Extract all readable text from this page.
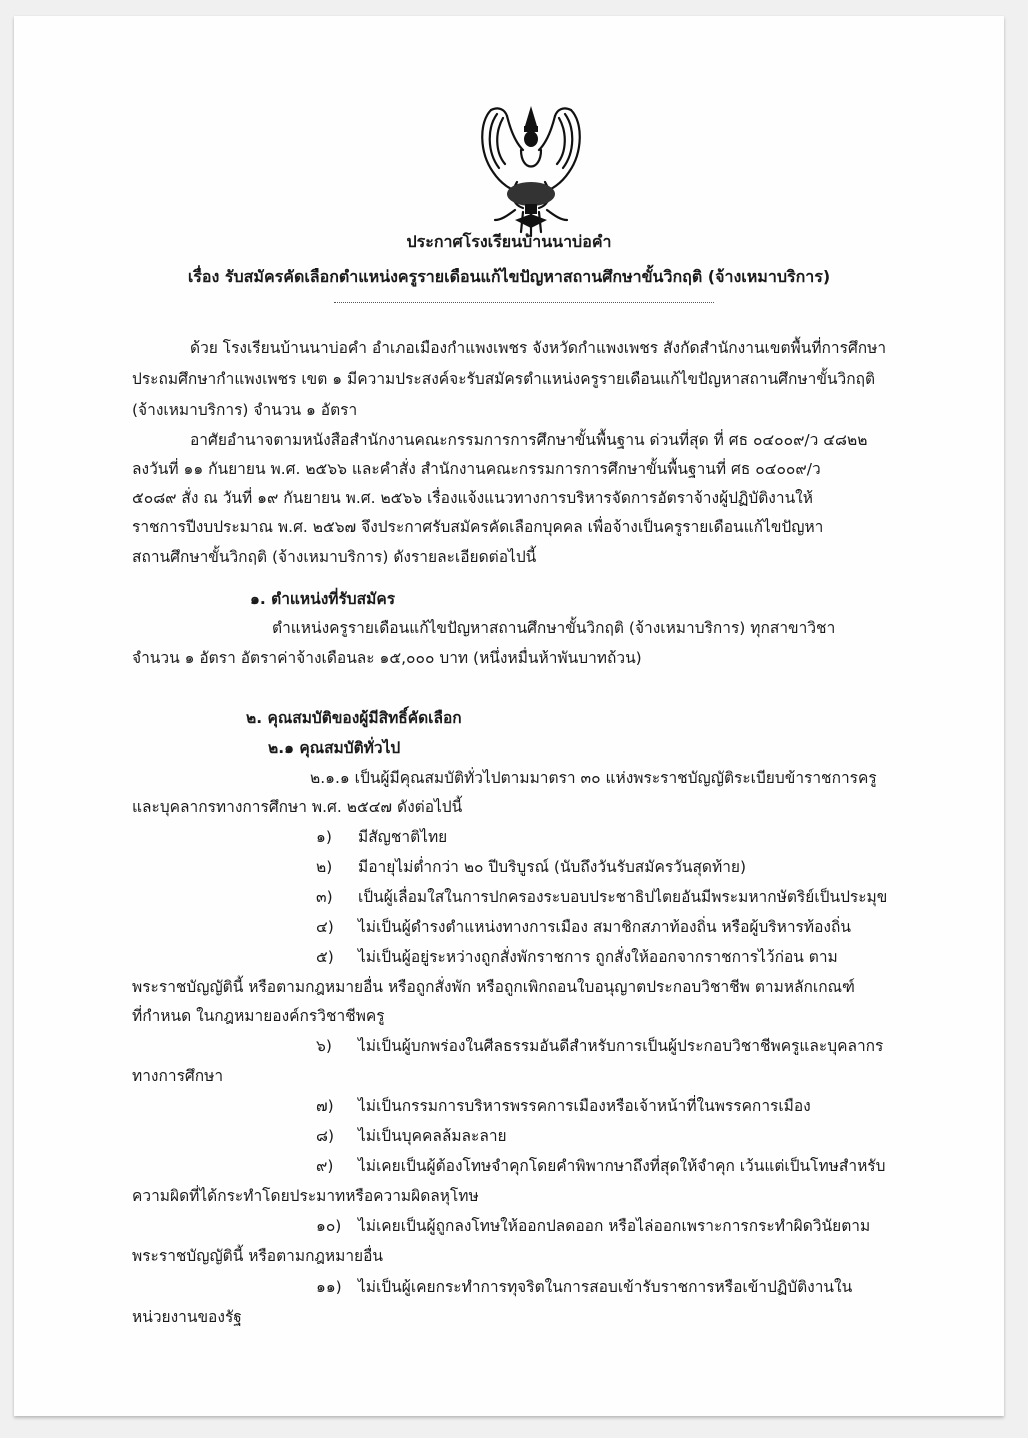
ประกาศโรงเรียนบ้านนาบ่อคำ
เรื่อง รับสมัครคัดเลือกตำแหน่งครูรายเดือนแก้ไขปัญหาสถานศึกษาขั้นวิกฤติ (จ้างเหมาบริการ)
ด้วย โรงเรียนบ้านนาบ่อคำ อำเภอเมืองกำแพงเพชร จังหวัดกำแพงเพชร สังกัดสำนักงานเขตพื้นที่การศึกษา
ประถมศึกษากำแพงเพชร เขต ๑ มีความประสงค์จะรับสมัครตำแหน่งครูรายเดือนแก้ไขปัญหาสถานศึกษาขั้นวิกฤติ
(จ้างเหมาบริการ) จำนวน ๑ อัตรา
อาศัยอำนาจตามหนังสือสำนักงานคณะกรรมการการศึกษาขั้นพื้นฐาน ด่วนที่สุด ที่ ศธ ๐๔๐๐๙/ว ๔๘๒๒
ลงวันที่ ๑๑ กันยายน พ.ศ. ๒๕๖๖ และคำสั่ง สำนักงานคณะกรรมการการศึกษาขั้นพื้นฐานที่ ศธ ๐๔๐๐๙/ว
๕๐๘๙ สั่ง ณ วันที่ ๑๙ กันยายน พ.ศ. ๒๕๖๖ เรื่องแจ้งแนวทางการบริหารจัดการอัตราจ้างผู้ปฏิบัติงานให้
ราชการปีงบประมาณ พ.ศ. ๒๕๖๗ จึงประกาศรับสมัครคัดเลือกบุคคล เพื่อจ้างเป็นครูรายเดือนแก้ไขปัญหา
สถานศึกษาขั้นวิกฤติ (จ้างเหมาบริการ) ดังรายละเอียดต่อไปนี้
๑. ตำแหน่งที่รับสมัคร
ตำแหน่งครูรายเดือนแก้ไขปัญหาสถานศึกษาขั้นวิกฤติ (จ้างเหมาบริการ) ทุกสาขาวิชา
จำนวน ๑ อัตรา อัตราค่าจ้างเดือนละ ๑๕,๐๐๐ บาท (หนึ่งหมื่นห้าพันบาทถ้วน)
๒. คุณสมบัติของผู้มีสิทธิ์คัดเลือก
๒.๑ คุณสมบัติทั่วไป
๒.๑.๑ เป็นผู้มีคุณสมบัติทั่วไปตามมาตรา ๓๐ แห่งพระราชบัญญัติระเบียบข้าราชการครู
และบุคลากรทางการศึกษา พ.ศ. ๒๕๔๗ ดังต่อไปนี้
๑) มีสัญชาติไทย
๒) มีอายุไม่ต่ำกว่า ๒๐ ปีบริบูรณ์ (นับถึงวันรับสมัครวันสุดท้าย)
๓) เป็นผู้เลื่อมใสในการปกครองระบอบประชาธิปไตยอันมีพระมหากษัตริย์เป็นประมุข
๔) ไม่เป็นผู้ดำรงตำแหน่งทางการเมือง สมาชิกสภาท้องถิ่น หรือผู้บริหารท้องถิ่น
๕) ไม่เป็นผู้อยู่ระหว่างถูกสั่งพักราชการ ถูกสั่งให้ออกจากราชการไว้ก่อน ตาม
พระราชบัญญัตินี้ หรือตามกฎหมายอื่น หรือถูกสั่งพัก หรือถูกเพิกถอนใบอนุญาตประกอบวิชาชีพ ตามหลักเกณฑ์
ที่กำหนด ในกฎหมายองค์กรวิชาชีพครู
๖) ไม่เป็นผู้บกพร่องในศีลธรรมอันดีสำหรับการเป็นผู้ประกอบวิชาชีพครูและบุคลากร
ทางการศึกษา
๗) ไม่เป็นกรรมการบริหารพรรคการเมืองหรือเจ้าหน้าที่ในพรรคการเมือง
๘) ไม่เป็นบุคคลล้มละลาย
๙) ไม่เคยเป็นผู้ต้องโทษจำคุกโดยคำพิพากษาถึงที่สุดให้จำคุก เว้นแต่เป็นโทษสำหรับ
ความผิดที่ได้กระทำโดยประมาทหรือความผิดลหุโทษ
๑๐) ไม่เคยเป็นผู้ถูกลงโทษให้ออกปลดออก หรือไล่ออกเพราะการกระทำผิดวินัยตาม
พระราชบัญญัตินี้ หรือตามกฎหมายอื่น
๑๑) ไม่เป็นผู้เคยกระทำการทุจริตในการสอบเข้ารับราชการหรือเข้าปฏิบัติงานใน
หน่วยงานของรัฐ
